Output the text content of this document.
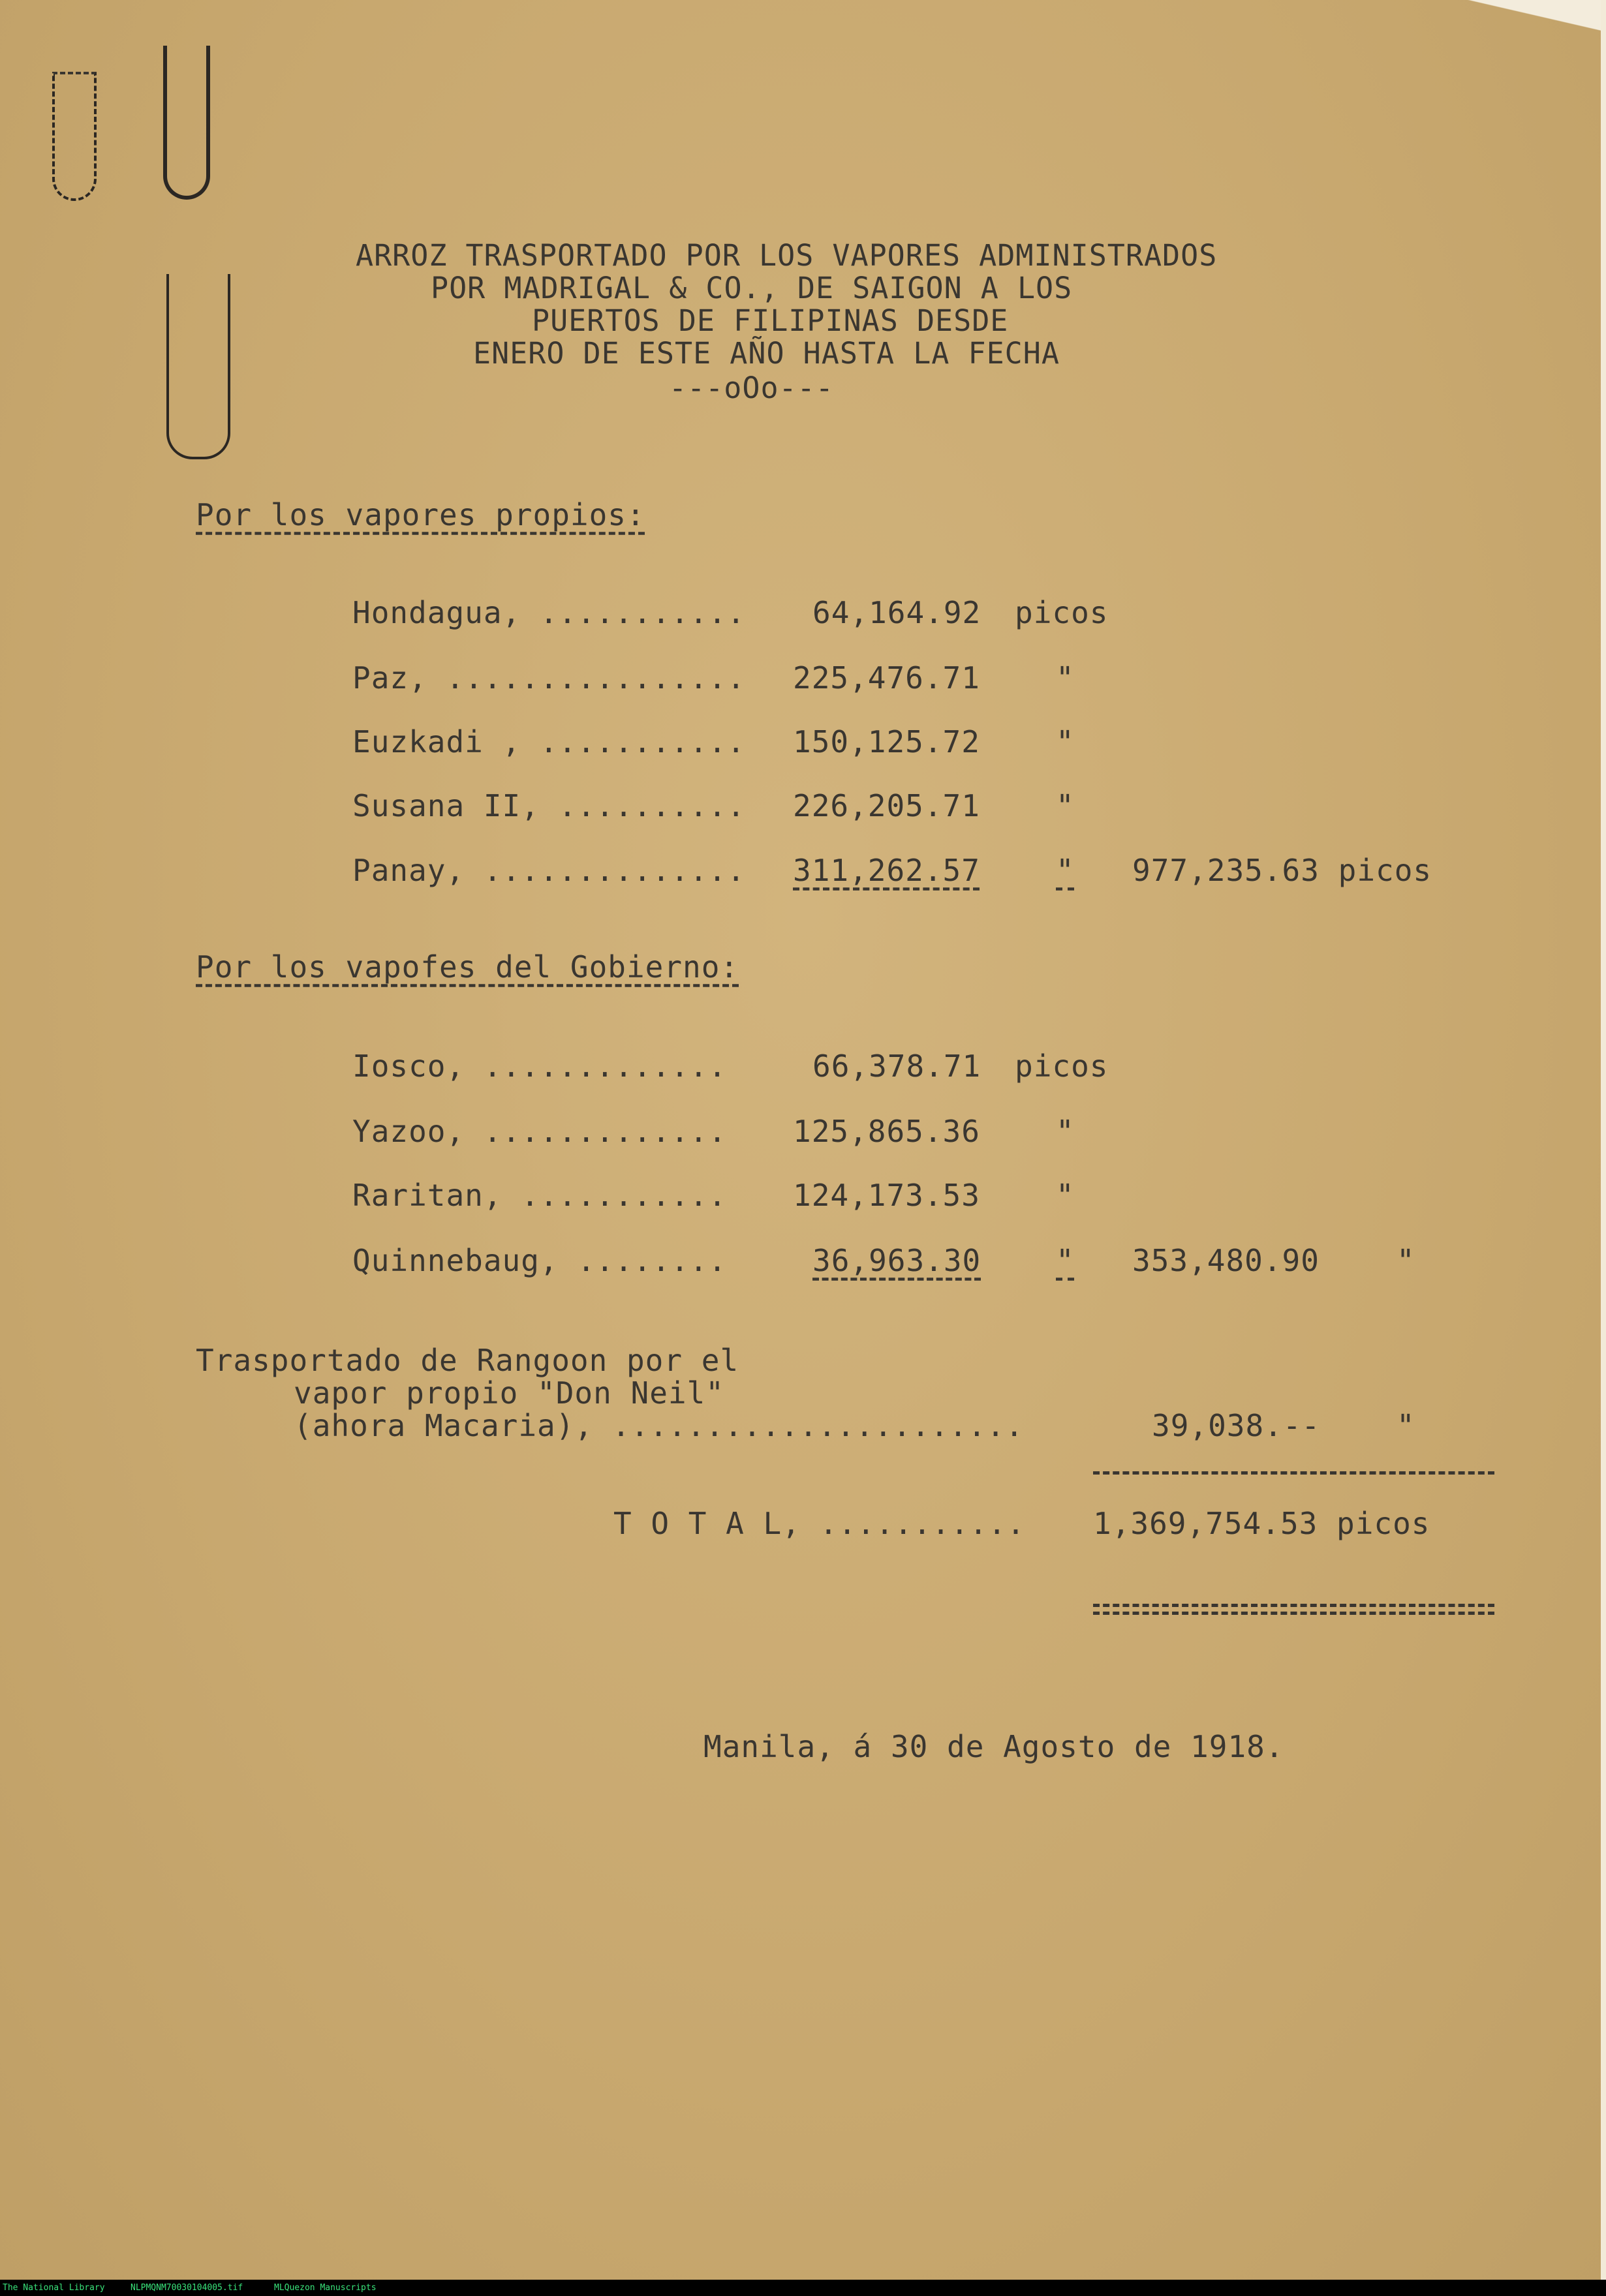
ARROZ TRASPORTADO POR LOS VAPORES ADMINISTRADOS
POR MADRIGAL & CO., DE SAIGON A LOS
PUERTOS DE FILIPINAS DESDE
ENERO DE ESTE AÑO HASTA LA FECHA
---oOo---
Por los vapores propios:
Hondagua, ........... 64,164.92 picos
Paz, ................ 225,476.71	"
Euzkadi , ........... 150,125.72	"
Susana II, .......... 226,205.71	"
Panay, .............. 311,262.57	" 977,235.63 picos
Por los vapofes del Gobierno:
Iosco, .............	66,378.71 picos
Yazoo, ............. 125,865.36	"
Raritan, ........... 124,173.53	"
Quinnebaug, ........	36,963.30 " 353,480.90	"
Trasportado de Rangoon por el
vapor propio "Don Neil"
(ahora Macaria), ......................	39,038.--	"
T O T A L, ........... 1,369,754.53 picos
Manila, á 30 de Agosto de 1918.
The National Library	NLPMQNM70030104005.tif	MLQuezon Manuscripts
